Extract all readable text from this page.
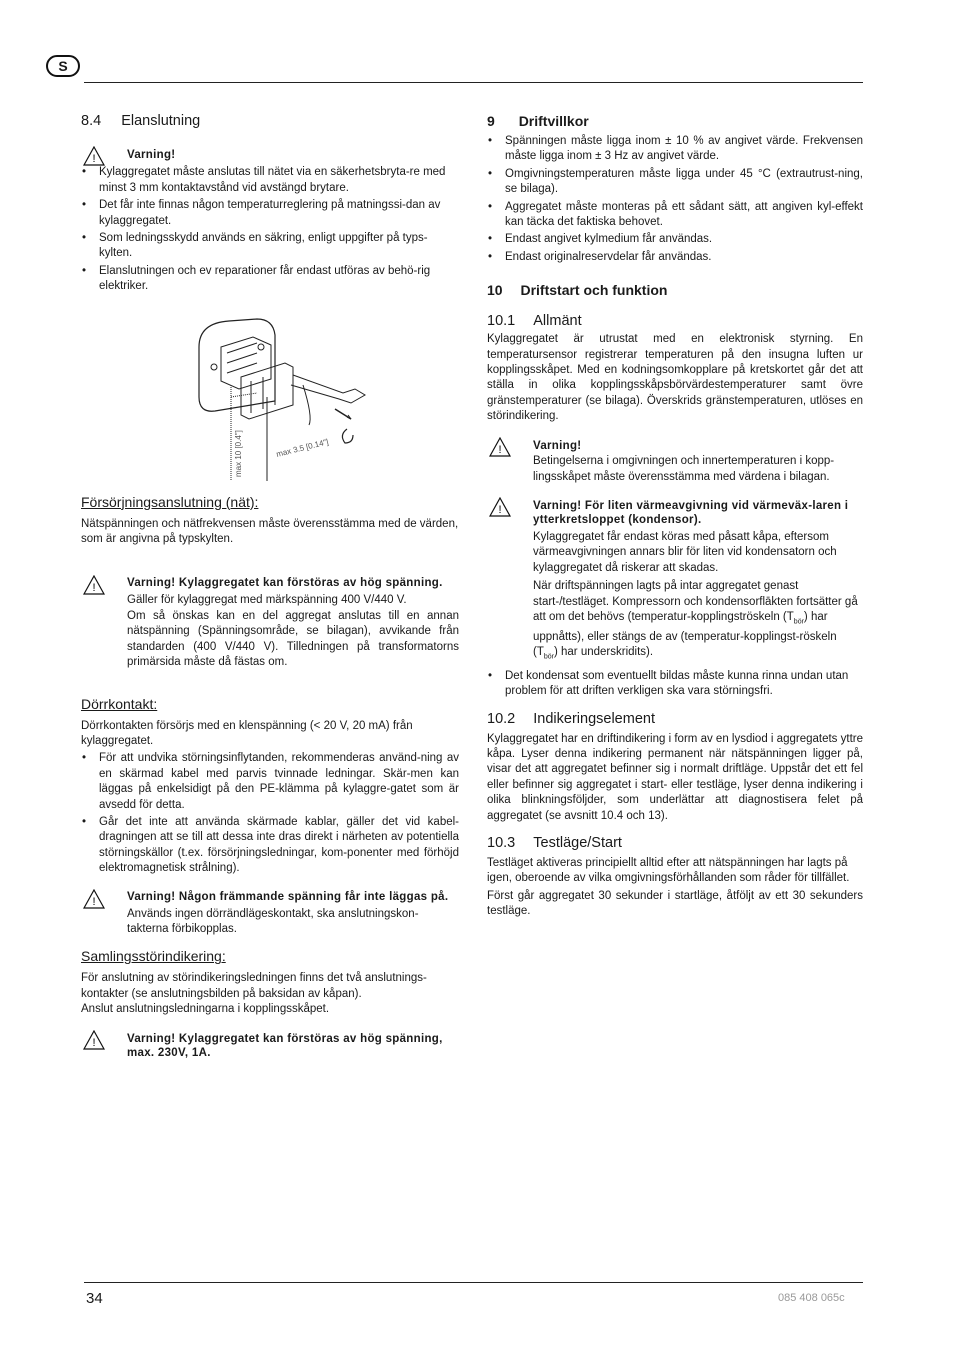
S
8.4 Elanslutning
!	Varning!
• Kylaggregatet måste anslutas till nätet via en säkerhetsbryta-re med minst 3 mm kontaktavstånd vid avstängd brytare.
• Det får inte finnas någon temperaturreglering på matningssi-dan av kylaggregatet.
• Som ledningsskydd används en säkring, enligt uppgifter på typs-kylten.
• Elanslutningen och ev reparationer får endast utföras av behö-rig elektriker.
max 10 [0.4"]	max 3.5 [0.14"]
Försörjningsanslutning (nät):

Nätspänningen och nätfrekvensen måste överensstämma med de värden, som är angivna på typskylten.

!	Varning! Kylaggregatet kan förstöras av hög spänning.

Gäller för kylaggregat med märkspänning 400 V/440 V.

Om så önskas kan en del aggregat anslutas till en annan nätspänning (Spänningsområde, se bilagan), avvikande från standarden (400 V/440 V). Tilledningen på transformatorns primärsida måste då fästas om.

Dörrkontakt:

Dörrkontakten försörjs med en klenspänning (< 20 V, 20 mA) från kylaggregatet.

• För att undvika störningsinflytanden, rekommenderas använd-ning av en skärmad kabel med parvis tvinnade ledningar. Skär-men kan läggas på enkelsidigt på den PE-klämma på kylaggre-gatet som är avsedd för detta.
• Går det inte att använda skärmade kablar, gäller det vid kabel-dragningen att se till att dessa inte dras direkt i närheten av potentiella störningskällor (t.ex. försörjningsledningar, kom-ponenter med förhöjd elektromagnetisk strålning).
!	Varning! Någon främmande spänning får inte läggas på.

Används ingen dörrändlägeskontakt, ska anslutningskon-takterna förbikopplas.

Samlingsstörindikering:

För anslutning av störindikeringsledningen finns det två anslutnings-kontakter (se anslutningsbilden på baksidan av kåpan).

Anslut anslutningsledningarna i kopplingsskåpet.

!	Varning! Kylaggregatet kan förstöras av hög spänning, max. 230V, 1A.
9 Driftvillkor
• Spänningen måste ligga inom ± 10 % av angivet värde. Frekvensen måste ligga inom ± 3 Hz av angivet värde.
• Omgivningstemperaturen måste ligga under 45 °C (extrautrust-ning, se bilaga).
• Aggregatet måste monteras på ett sådant sätt, att angiven kyl-effekt kan täcka det faktiska behovet.
• Endast angivet kylmedium får användas.
• Endast originalreservdelar får användas.
10 Driftstart och funktion
10.1 Allmänt

Kylaggregatet är utrustat med en elektronisk styrning. En temperatursensor registrerar temperaturen på den insugna luften ur kopplingsskåpet. Med en kodningsomkopplare på kretskortet går det att ställa in olika kopplingsskåpsbörvärdestemperaturer samt övre gränstemperaturer (se bilaga). Överskrids gränstemperaturen, utlöses en störindikering.

!	Varning!

Betingelserna i omgivningen och innertemperaturen i kopp-lingsskåpet måste överensstämma med värdena i bilagan.

!	Varning! För liten värmeavgivning vid värmeväx-laren i ytterkretsloppet (kondensor).

Kylaggregatet får endast köras med påsatt kåpa, eftersom värmeavgivningen annars blir för liten vid kondensatorn och kylaggregatet då riskerar att skadas.

När driftspänningen lagts på intar aggregatet genast start-/testläget. Kompressorn och kondensorflākten fortsätter gå att om det behövs (temperatur-kopplingströskeln $(T_{bör})$ har uppnåtts), eller stängs de av (temperatur-kopplingst-röskeln $(T_{bör})$ har underskridits).

• Det kondensat som eventuellt bildas måste kunna rinna undan utan problem för att driften verkligen ska vara störningsfri.
10.2 Indikeringselement

Kylaggregatet har en driftindikering i form av en lysdiod i aggregatets yttre kåpa. Lyser denna indikering permanent när nätspänningen ligger på, visar det att aggregatet befinner sig i normalt driftläge. Uppstår det ett fel eller befinner sig aggregatet i start- eller testläge, lyser denna indikering i olika blinkningsföljder, som underlättar att diagnostisera felet på aggregatet (se avsnitt 10.4 och 13).

10.3 Testläge/Start

Testläget aktiveras principiellt alltid efter att nätspänningen har lagts på igen, oberoende av vilka omgivningsförhållanden som råder för tillfället.

Först går aggregatet 30 sekunder i startläge, åtföljt av ett 30 sekunders testläge.

34	085 408 065c
